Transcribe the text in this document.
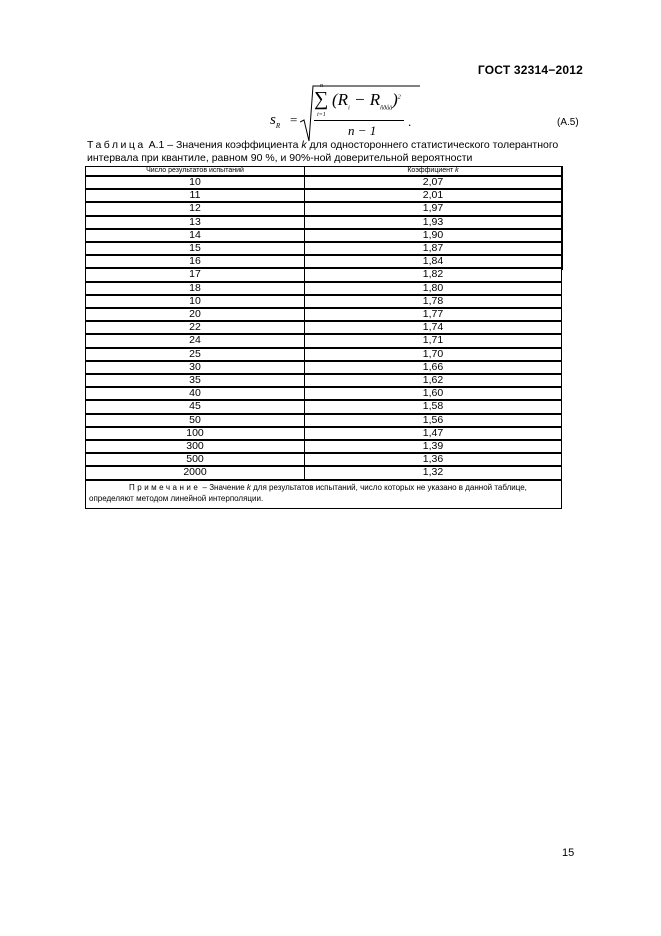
ГОСТ 32314−2012
$s_R$ =
n
∑
i=1
$(R_i - R_{ñðåä})^2$
n − 1
.	(A.5)
Таблица А.1 – Значения коэффициента k для одностороннего статистического толерантного интервала при квантиле, равном 90 %, и 90%-ной доверительной вероятности
Число результатов испытаний	Коэффициент k
10	2,07
11	2,01
12	1,97
13	1,93
14	1,90
15	1,87
16	1,84
17	1,82
18	1,80
10	1,78
20	1,77
22	1,74
24	1,71
25	1,70
30	1,66
35	1,62
40	1,60
45	1,58
50	1,56
100	1,47
300	1,39
500	1,36
2000	1,32
Примечание – Значение k для результатов испытаний, число которых не указано в данной таблице, определяют методом линейной интерполяции.
15
